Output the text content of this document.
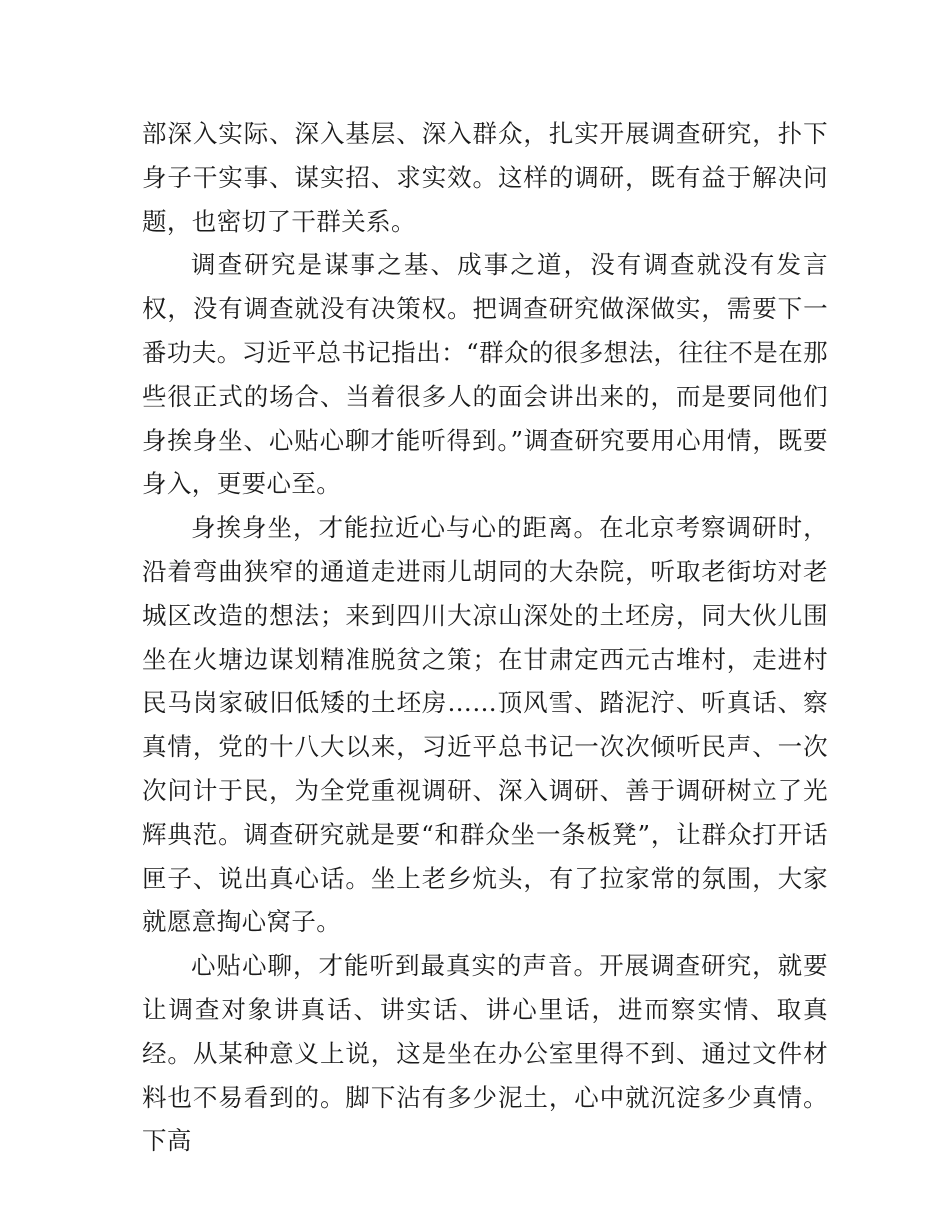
部深入实际、深入基层、深入群众，扎实开展调查研究，扑下身子干实事、谋实招、求实效。这样的调研，既有益于解决问题，也密切了干群关系。

调查研究是谋事之基、成事之道，没有调查就没有发言权，没有调查就没有决策权。把调查研究做深做实，需要下一番功夫。习近平总书记指出：“群众的很多想法，往往不是在那些很正式的场合、当着很多人的面会讲出来的，而是要同他们身挨身坐、心贴心聊才能听得到。”调查研究要用心用情，既要身入，更要心至。

身挨身坐，才能拉近心与心的距离。在北京考察调研时，沿着弯曲狭窄的通道走进雨儿胡同的大杂院，听取老街坊对老城区改造的想法；来到四川大凉山深处的土坯房，同大伙儿围坐在火塘边谋划精准脱贫之策；在甘肃定西元古堆村，走进村民马岗家破旧低矮的土坯房……顶风雪、踏泥泞、听真话、察真情，党的十八大以来，习近平总书记一次次倾听民声、一次次问计于民，为全党重视调研、深入调研、善于调研树立了光辉典范。调查研究就是要“和群众坐一条板凳”，让群众打开话匣子、说出真心话。坐上老乡炕头，有了拉家常的氛围，大家就愿意掏心窝子。

心贴心聊，才能听到最真实的声音。开展调查研究，就要让调查对象讲真话、讲实话、讲心里话，进而察实情、取真经。从某种意义上说，这是坐在办公室里得不到、通过文件材料也不易看到的。脚下沾有多少泥土，心中就沉淀多少真情。下高
